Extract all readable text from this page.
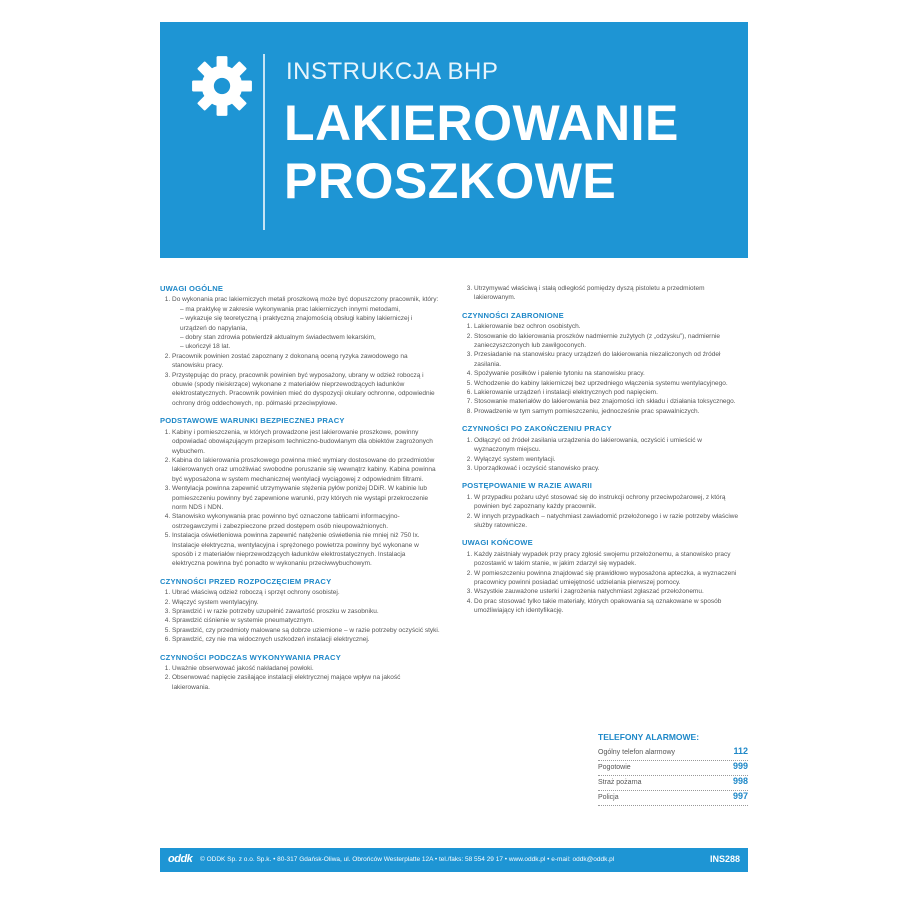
INSTRUKCJA BHP
LAKIEROWANIE
PROSZKOWE
UWAGI OGÓLNE
1. Do wykonania prac lakierniczych metali proszkową może być dopuszczony pracownik, który:
– ma praktykę w zakresie wykonywania prac lakierniczych innymi metodami,
– wykazuje się teoretyczną i praktyczną znajomością obsługi kabiny lakierniczej i urządzeń do napylania,
– dobry stan zdrowia potwierdził aktualnym świadectwem lekarskim,
– ukończył 18 lat.
2. Pracownik powinien zostać zapoznany z dokonaną oceną ryzyka zawodowego na stanowisku pracy.
3. Przystępując do pracy, pracownik powinien być wyposażony, ubrany w odzież roboczą i obuwie (spody nieiskrzące) wykonane z materiałów nieprzewodzących ładunków elektrostatycznych. Pracownik powinien mieć do dyspozycji okulary ochronne, odpowiednie ochrony dróg oddechowych, np. półmaski przeciwpyłowe.
PODSTAWOWE WARUNKI BEZPIECZNEJ PRACY
1. Kabiny i pomieszczenia, w których prowadzone jest lakierowanie proszkowe, powinny odpowiadać obowiązującym przepisom techniczno-budowlanym dla obiektów zagrożonych wybuchem.
2. Kabina do lakierowania proszkowego powinna mieć wymiary dostosowane do przedmiotów lakierowanych oraz umożliwiać swobodne poruszanie się wewnątrz kabiny. Kabina powinna być wyposażona w system mechanicznej wentylacji wyciągowej z odpowiednim filtrami.
3. Wentylacja powinna zapewnić utrzymywanie stężenia pyłów poniżej DDiR. W kabinie lub pomieszczeniu powinny być zapewnione warunki, przy których nie wystąpi przekroczenie norm NDS i NDN.
4. Stanowisko wykonywania prac powinno być oznaczone tablicami informacyjno-ostrzegawczymi i zabezpieczone przed dostępem osób nieupoważnionych.
5. Instalacja oświetleniowa powinna zapewnić natężenie oświetlenia nie mniej niż 750 lx. Instalacje elektryczna, wentylacyjna i sprężonego powietrza powinny być wykonane w sposób i z materiałów nieprzewodzących ładunków elektrostatycznych. Instalacja elektryczna powinna być ponadto w wykonaniu przeciwwybuchowym.
CZYNNOŚCI PRZED ROZPOCZĘCIEM PRACY
1. Ubrać właściwą odzież roboczą i sprzęt ochrony osobistej.
2. Włączyć system wentylacyjny.
3. Sprawdzić i w razie potrzeby uzupełnić zawartość proszku w zasobniku.
4. Sprawdzić ciśnienie w systemie pneumatycznym.
5. Sprawdzić, czy przedmioty malowane są dobrze uziemione – w razie potrzeby oczyścić styki.
6. Sprawdzić, czy nie ma widocznych uszkodzeń instalacji elektrycznej.
CZYNNOŚCI PODCZAS WYKONYWANIA PRACY
1. Uważnie obserwować jakość nakładanej powłoki.
2. Obserwować napięcie zasilające instalacji elektrycznej mające wpływ na jakość lakierowania.
3. Utrzymywać właściwą i stałą odległość pomiędzy dyszą pistoletu a przedmiotem lakierowanym.
CZYNNOŚCI ZABRONIONE
1. Lakierowanie bez ochron osobistych.
2. Stosowanie do lakierowania proszków nadmiernie zużytych (z „odzysku”), nadmiernie zanieczyszczonych lub zawilgoconych.
3. Przesiadanie na stanowisku pracy urządzeń do lakierowania niezaliczonych od źródeł zasilania.
4. Spożywanie posiłków i palenie tytoniu na stanowisku pracy.
5. Wchodzenie do kabiny lakierniczej bez uprzedniego włączenia systemu wentylacyjnego.
6. Lakierowanie urządzeń i instalacji elektrycznych pod napięciem.
7. Stosowanie materiałów do lakierowania bez znajomości ich składu i działania toksycznego.
8. Prowadzenie w tym samym pomieszczeniu, jednocześnie prac spawalniczych.
CZYNNOŚCI PO ZAKOŃCZENIU PRACY
1. Odłączyć od źródeł zasilania urządzenia do lakierowania, oczyścić i umieścić w wyznaczonym miejscu.
2. Wyłączyć system wentylacji.
3. Uporządkować i oczyścić stanowisko pracy.
POSTĘPOWANIE W RAZIE AWARII
1. W przypadku pożaru użyć stosować się do instrukcji ochrony przeciwpożarowej, z którą powinien być zapoznany każdy pracownik.
2. W innych przypadkach – natychmiast zawiadomić przełożonego i w razie potrzeby właściwe służby ratownicze.
UWAGI KOŃCOWE
1. Każdy zaistniały wypadek przy pracy zgłosić swojemu przełożonemu, a stanowisko pracy pozostawić w takim stanie, w jakim zdarzył się wypadek.
2. W pomieszczeniu powinna znajdować się prawidłowo wyposażona apteczka, a wyznaczeni pracownicy powinni posiadać umiejętność udzielania pierwszej pomocy.
3. Wszystkie zauważone usterki i zagrożenia natychmiast zgłaszać przełożonemu.
4. Do prac stosować tylko takie materiały, których opakowania są oznakowane w sposób umożliwiający ich identyfikację.
TELEFONY ALARMOWE:
Ogólny telefon alarmowy	112
Pogotowie	999
Straż pożarna	998
Policja	997
oddk © ODDK Sp. z o.o. Sp.k. • 80-317 Gdańsk-Oliwa, ul. Obrońców Westerplatte 12A • tel./faks: 58 554 29 17 • www.oddk.pl • e-mail: oddk@oddk.pl	INS288
